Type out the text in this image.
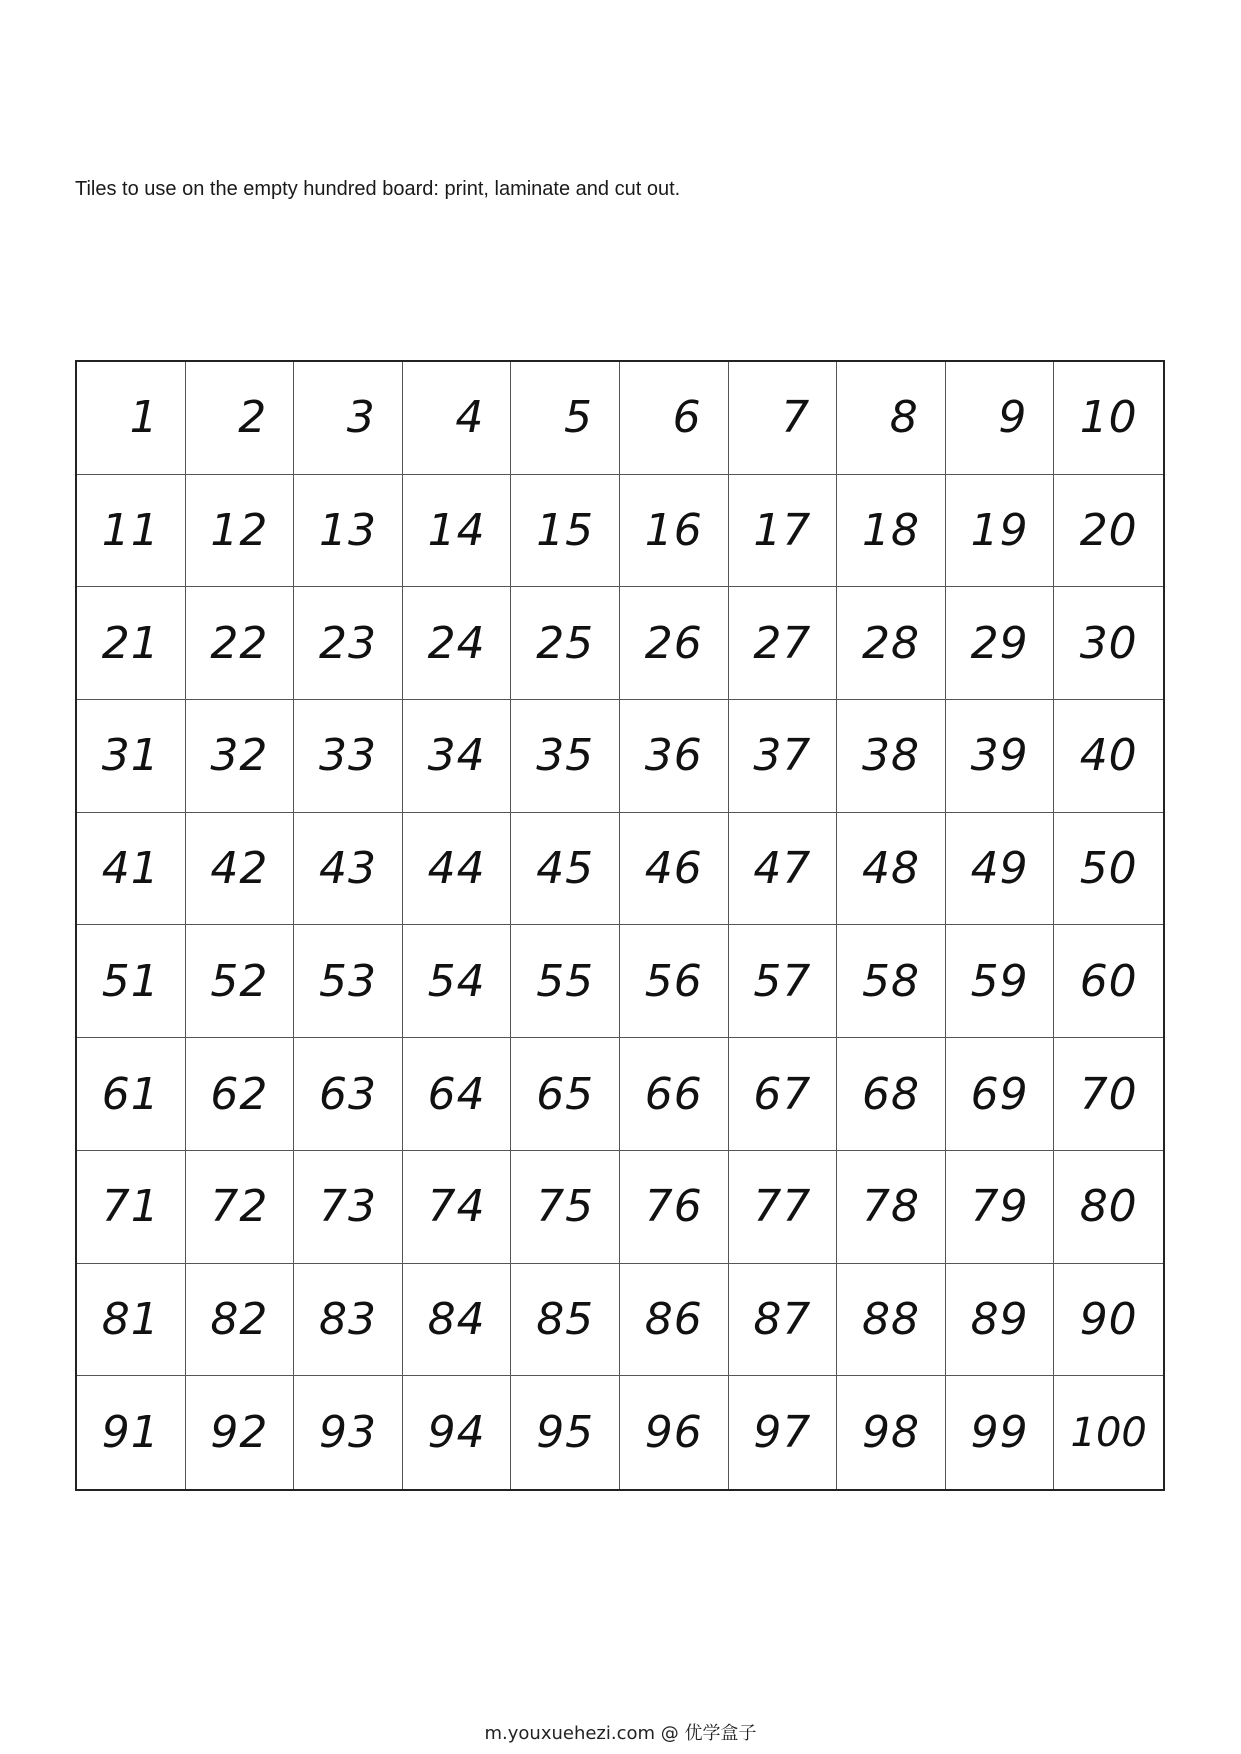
Tiles to use on the empty hundred board: print, laminate and cut out.
1	2	3	4	5	6	7	8	9	10
11	12	13	14	15	16	17	18	19	20
21	22	23	24	25	26	27	28	29	30
31	32	33	34	35	36	37	38	39	40
41	42	43	44	45	46	47	48	49	50
51	52	53	54	55	56	57	58	59	60
61	62	63	64	65	66	67	68	69	70
71	72	73	74	75	76	77	78	79	80
81	82	83	84	85	86	87	88	89	90
91	92	93	94	95	96	97	98	99	100
m.youxuehezi.com @ 优学盒子
